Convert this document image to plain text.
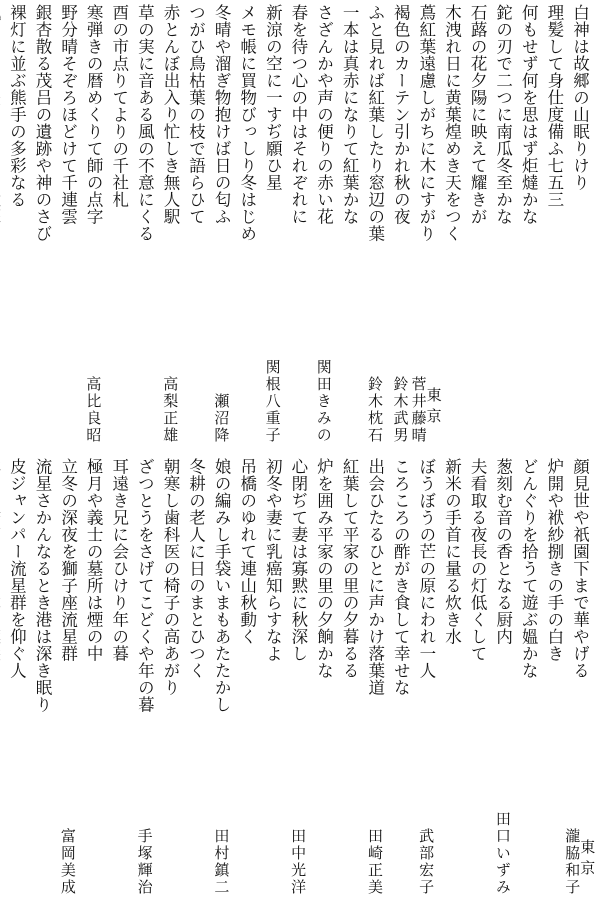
白神は故郷の山眠りけり
理髪して身仕度備ふ七五三
何もせず何を思はず炬燵かな
鉈の刃で二つに南瓜冬至かな
石蕗の花夕陽に映えて耀きが
木洩れ日に黄葉煌めき天をつく
蔦紅葉遠慮しがちに木にすがり
東京
菅井藤晴
褐色のカーテン引かれ秋の夜
鈴木武男
ふと見れば紅葉したり窓辺の葉
鈴木枕石
一本は真赤になりて紅葉かな
さざんかや声の便りの赤い花
関田きみの
春を待つ心の中はそれぞれに
新涼の空に一すぢ願ひ星
関根八重子
メモ帳に買物びっしり冬はじめ
冬晴や溜ぎ物抱けば日の匂ふ
瀬沼降
つがひ鳥枯葉の枝で語らひて
赤とんぼ出入り忙しき無人駅
高梨正雄
草の実に音ある風の不意にくる
酉の市点りてよりの千社札
寒弾きの暦めくりて師の点字
高比良昭
野分晴そぞろほどけて千連雲
銀杏散る茂吕の遺跡や神のさび
裸灯に並ぶ熊手の多彩なる
顔見世や祇園下まで華やげる
東京
瀧脇和子
炉開や袱紗捌きの手の白き
どんぐりを拾うて遊ぶ媼かな
葱刻む音の香となる厨内
田口いずみ
夫看取る夜長の灯低くして
新米の手首に量る炊き水
ぼうぼうの芒の原にわれ一人
武部宏子
ころころの酢がき食して幸せな
出会ひたるひとに声かけ落葉道
田崎正美
紅葉して平家の里の夕暮るる
炉を囲み平家の里の夕餉かな
心閉ぢて妻は寡黙に秋深し
田中光洋
初冬や妻に乳癌知らすなよ
吊橋のゆれて連山秋動く
娘の編みし手袋いまもあたたかし
田村鎮二
冬耕の老人に日のまとひつく
朝寒し歯科医の椅子の高あがり
ざつとうをさげてこどくや年の暮
手塚輝治
耳遠き兄に会ひけり年の暮
極月や義士の墓所は煙の中
立冬の深夜を獅子座流星群
富岡美成
流星さかんなるとき港は深き眠り
皮ジャンパー流星群を仰ぐ人
